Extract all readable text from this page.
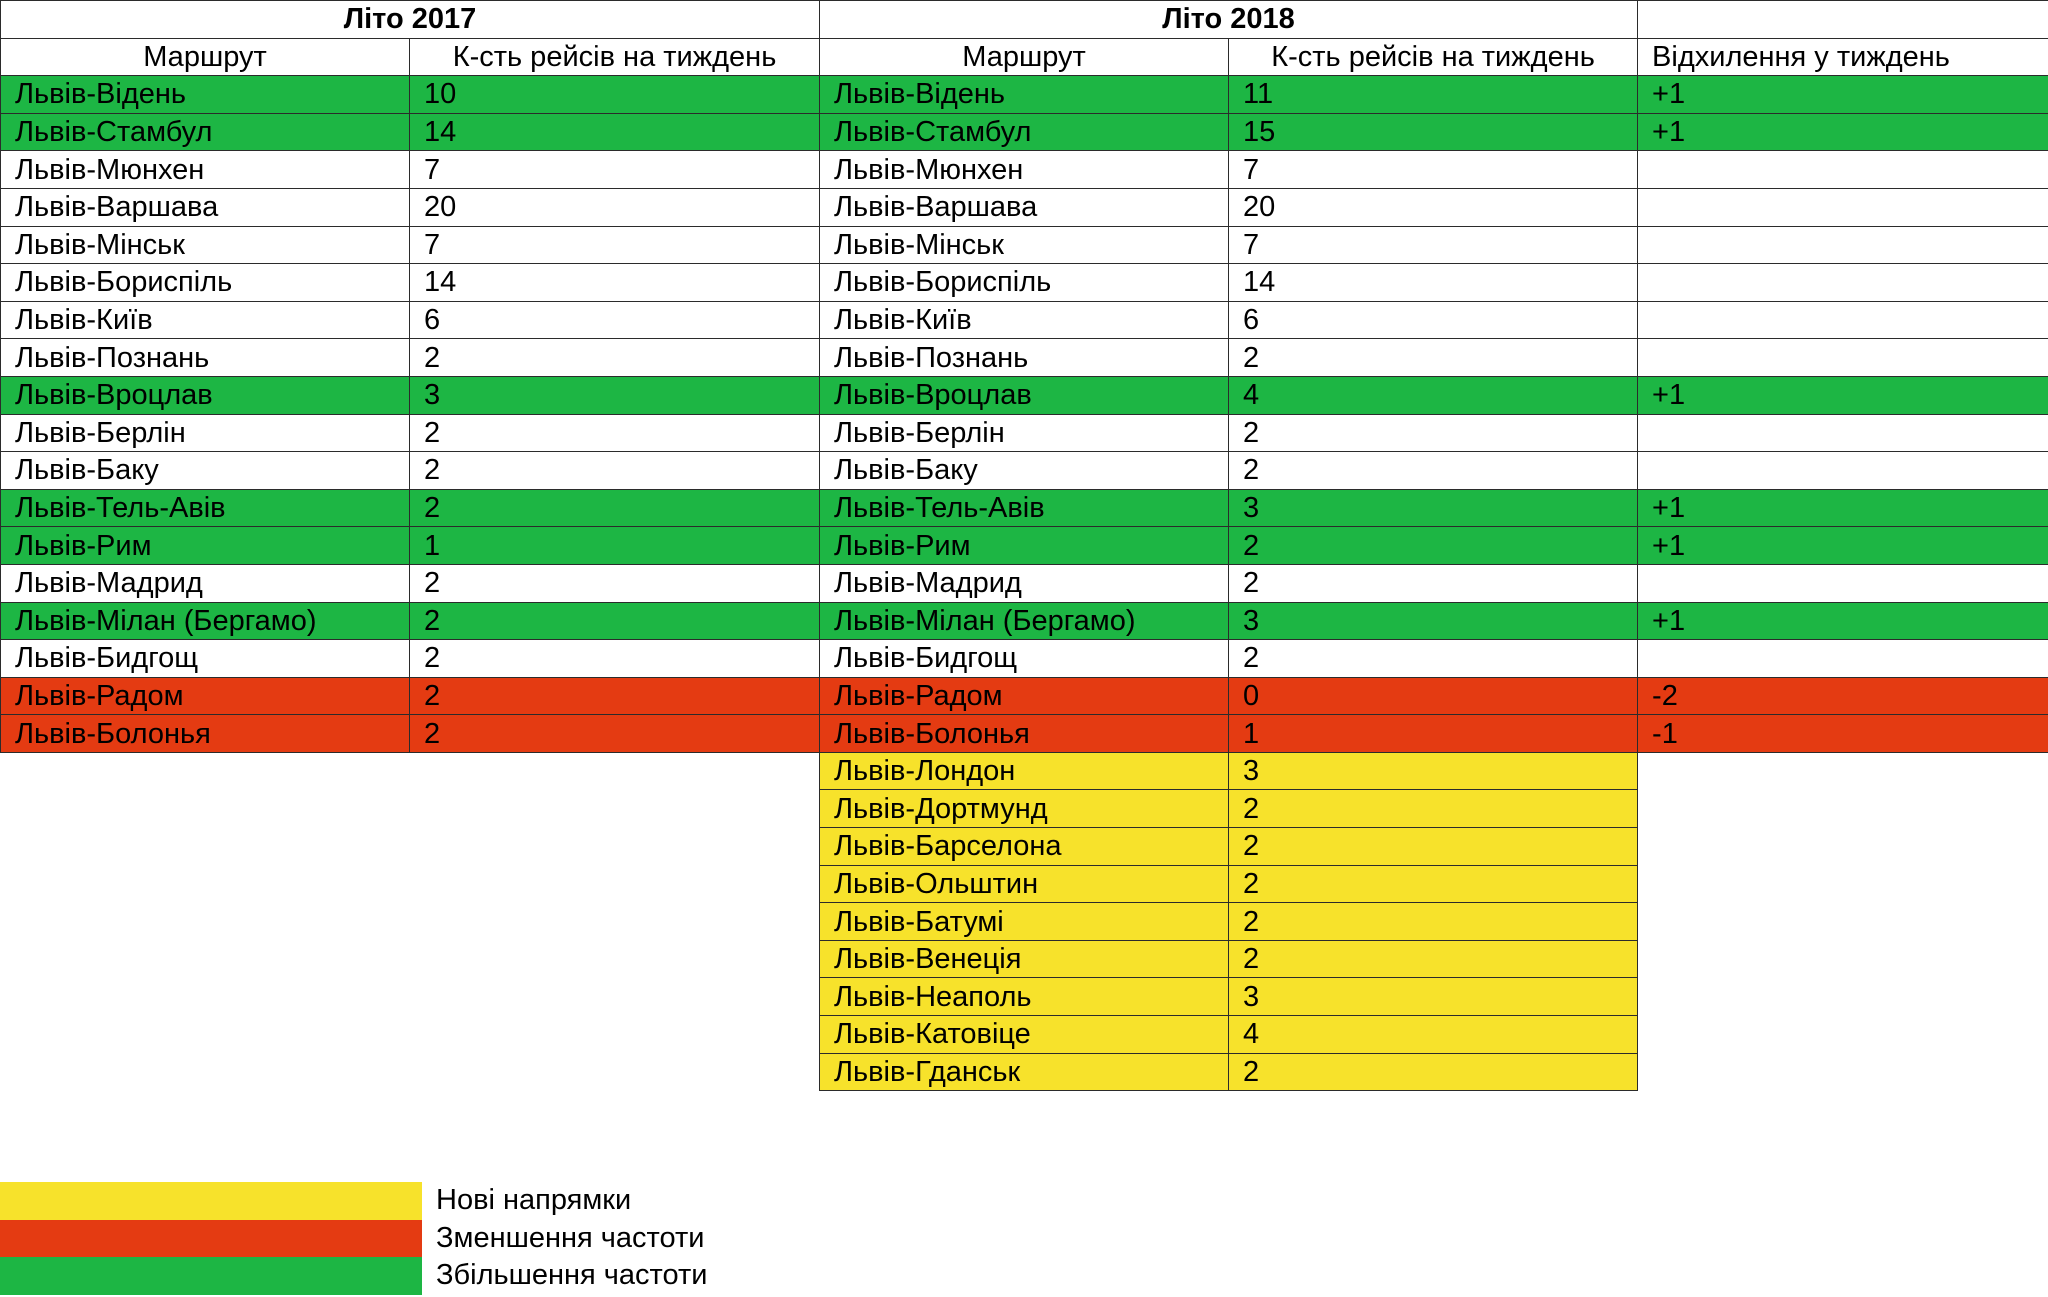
Літо 2017		Літо 2018		
Маршрут	К-сть рейсів на тиждень	Маршрут	К-сть рейсів на тиждень	Відхилення у тиждень
Львів-Відень	10	Львів-Відень	11	+1
Львів-Стамбул	14	Львів-Стамбул	15	+1
Львів-Мюнхен	7	Львів-Мюнхен	7	
Львів-Варшава	20	Львів-Варшава	20	
Львів-Мінськ	7	Львів-Мінськ	7	
Львів-Бориспіль	14	Львів-Бориспіль	14	
Львів-Київ	6	Львів-Київ	6	
Львів-Познань	2	Львів-Познань	2	
Львів-Вроцлав	3	Львів-Вроцлав	4	+1
Львів-Берлін	2	Львів-Берлін	2	
Львів-Баку	2	Львів-Баку	2	
Львів-Тель-Авів	2	Львів-Тель-Авів	3	+1
Львів-Рим	1	Львів-Рим	2	+1
Львів-Мадрид	2	Львів-Мадрид	2	
Львів-Мілан (Бергамо)	2	Львів-Мілан (Бергамо)	3	+1
Львів-Бидгощ	2	Львів-Бидгощ	2	
Львів-Радом	2	Львів-Радом	0	-2
Львів-Болонья	2	Львів-Болонья	1	-1
		Львів-Лондон	3	
		Львів-Дортмунд	2	
		Львів-Барселона	2	
		Львів-Ольштин	2	
		Львів-Батумі	2	
		Львів-Венеція	2	
		Львів-Неаполь	3	
		Львів-Катовіце	4	
		Львів-Гданськ	2	
Нові напрямки
Зменшення частоти
Збільшення частоти
